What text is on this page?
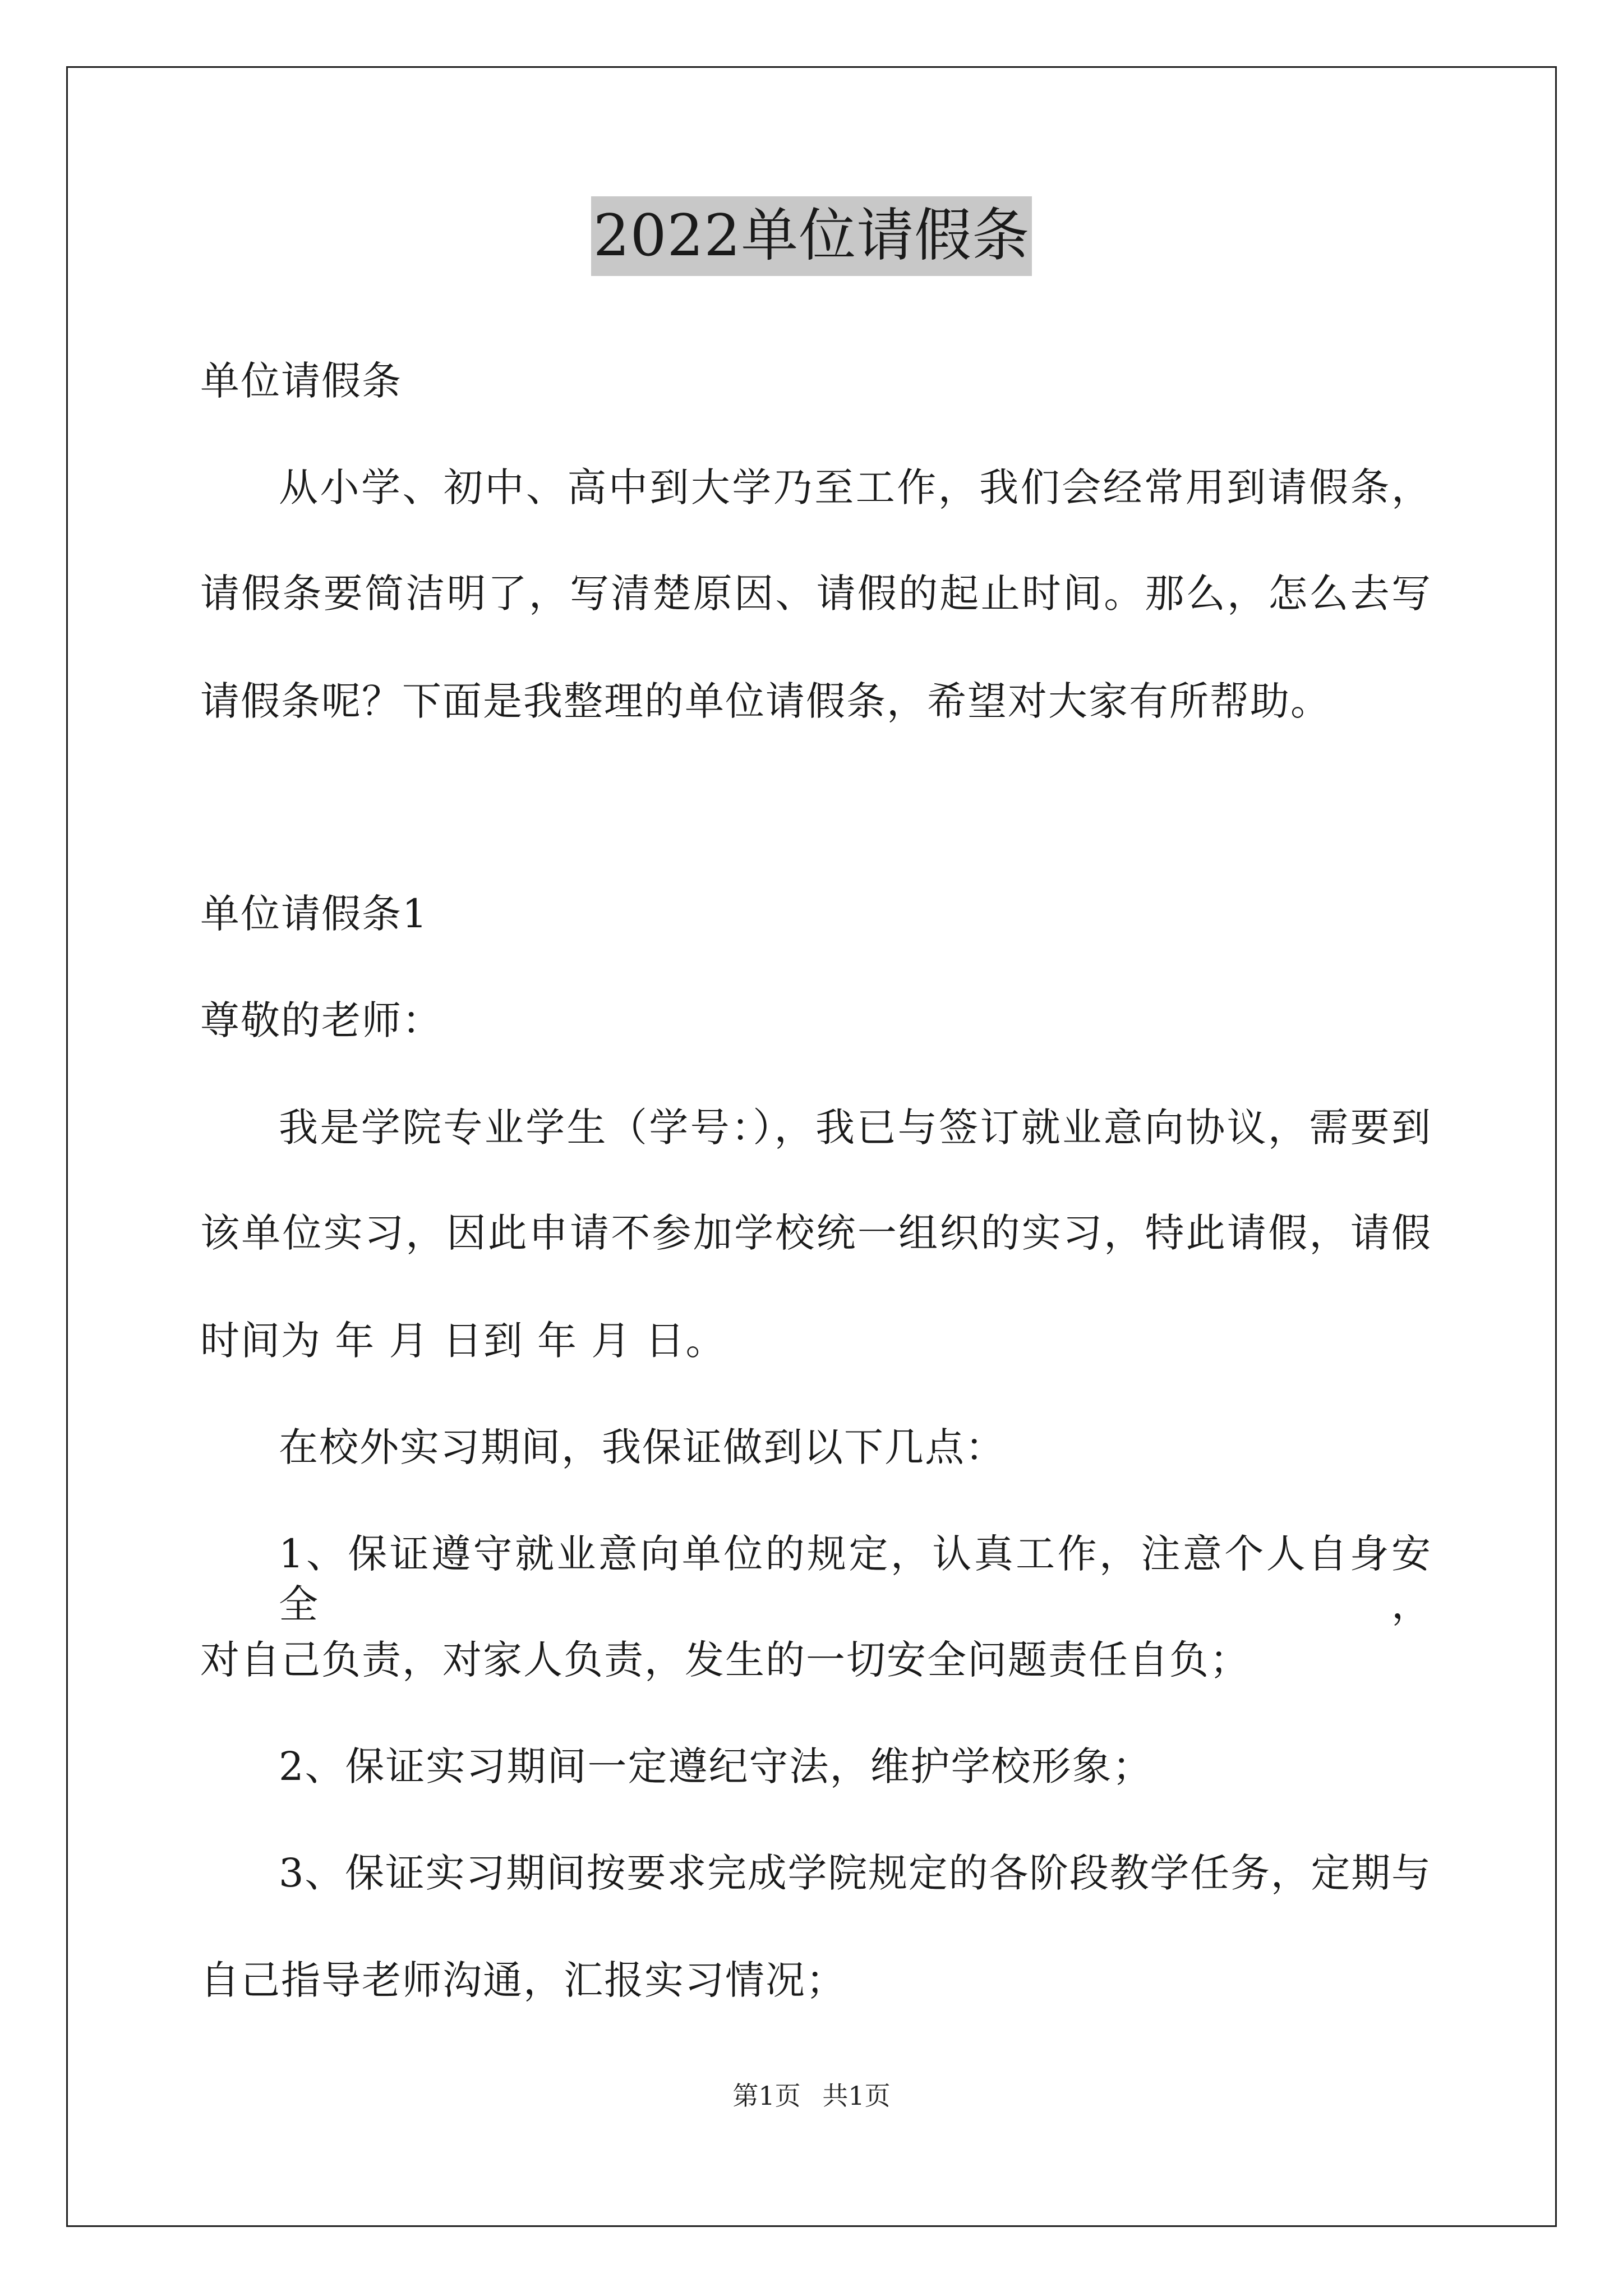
2022单位请假条

单位请假条

从小学、初中、高中到大学乃至工作，我们会经常用到请假条，

请假条要简洁明了，写清楚原因、请假的起止时间。那么，怎么去写

请假条呢？下面是我整理的单位请假条，希望对大家有所帮助。

单位请假条1

尊敬的老师：

我是学院专业学生（学号：），我已与签订就业意向协议，需要到

该单位实习，因此申请不参加学校统一组织的实习，特此请假，请假

时间为 年 月 日到 年 月 日。

在校外实习期间，我保证做到以下几点：

1、保证遵守就业意向单位的规定，认真工作，注意个人自身安全，

对自己负责，对家人负责，发生的一切安全问题责任自负；

2、保证实习期间一定遵纪守法，维护学校形象；

3、保证实习期间按要求完成学院规定的各阶段教学任务，定期与

自己指导老师沟通，汇报实习情况；

第1页 共1页
